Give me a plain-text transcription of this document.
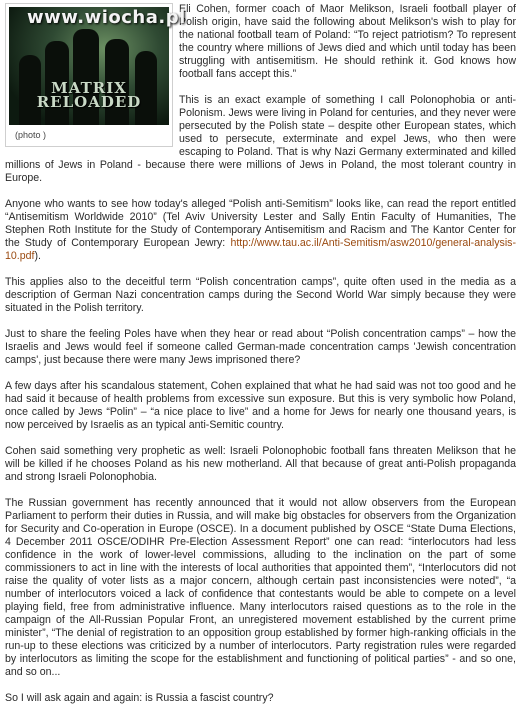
www.wiocha.pl
MATRIX
RELOADED
(photo )

Eli Cohen, former coach of Maor Melikson, Israeli football player of Polish origin, have said the following about Melikson's wish to play for the national football team of Poland: “To reject patriotism? To represent the country where millions of Jews died and which until today has been struggling with antisemitism. He should rethink it. God knows how football fans accept this.”

This is an exact example of something I call Polonophobia or anti-Polonism. Jews were living in Poland for centuries, and they never were persecuted by the Polish state – despite other European states, which used to persecute, exterminate and expel Jews, who then were escaping to Poland. That is why Nazi Germany exterminated and killed millions of Jews in Poland - because there were millions of Jews in Poland, the most tolerant country in Europe.

Anyone who wants to see how today's alleged “Polish anti-Semitism” looks like, can read the report entitled “Antisemitism Worldwide 2010” (Tel Aviv University Lester and Sally Entin Faculty of Humanities, The Stephen Roth Institute for the Study of Contemporary Antisemitism and Racism and The Kantor Center for the Study of Contemporary European Jewry: http://www.tau.ac.il/Anti-Semitism/asw2010/general-analysis-10.pdf).

This applies also to the deceitful term “Polish concentration camps”, quite often used in the media as a description of German Nazi concentration camps during the Second World War simply because they were situated in the Polish territory.

Just to share the feeling Poles have when they hear or read about “Polish concentration camps” – how the Israelis and Jews would feel if someone called German-made concentration camps 'Jewish concentration camps', just because there were many Jews imprisoned there?

A few days after his scandalous statement, Cohen explained that what he had said was not too good and he had said it because of health problems from excessive sun exposure. But this is very symbolic how Poland, once called by Jews “Polin” – “a nice place to live” and a home for Jews for nearly one thousand years, is now perceived by Israelis as an typical anti-Semitic country.

Cohen said something very prophetic as well: Israeli Polonophobic football fans threaten Melikson that he will be killed if he chooses Poland as his new motherland. All that because of great anti-Polish propaganda and strong Israeli Polonophobia.

The Russian government has recently announced that it would not allow observers from the European Parliament to perform their duties in Russia, and will make big obstacles for observers from the Organization for Security and Co-operation in Europe (OSCE). In a document published by OSCE “State Duma Elections, 4 December 2011 OSCE/ODIHR Pre-Election Assessment Report” one can read: “interlocutors had less confidence in the work of lower-level commissions, alluding to the inclination on the part of some commissioners to act in line with the interests of local authorities that appointed them”, “Interlocutors did not raise the quality of voter lists as a major concern, although certain past inconsistencies were noted”, “a number of interlocutors voiced a lack of confidence that contestants would be able to compete on a level playing field, free from administrative influence. Many interlocutors raised questions as to the role in the campaign of the All-Russian Popular Front, an unregistered movement established by the current prime minister”, “The denial of registration to an opposition group established by former high-ranking officials in the run-up to these elections was criticized by a number of interlocutors. Party registration rules were regarded by interlocutors as limiting the scope for the establishment and functioning of political parties” - and so one, and so on...

So I will ask again and again: is Russia a fascist country?
